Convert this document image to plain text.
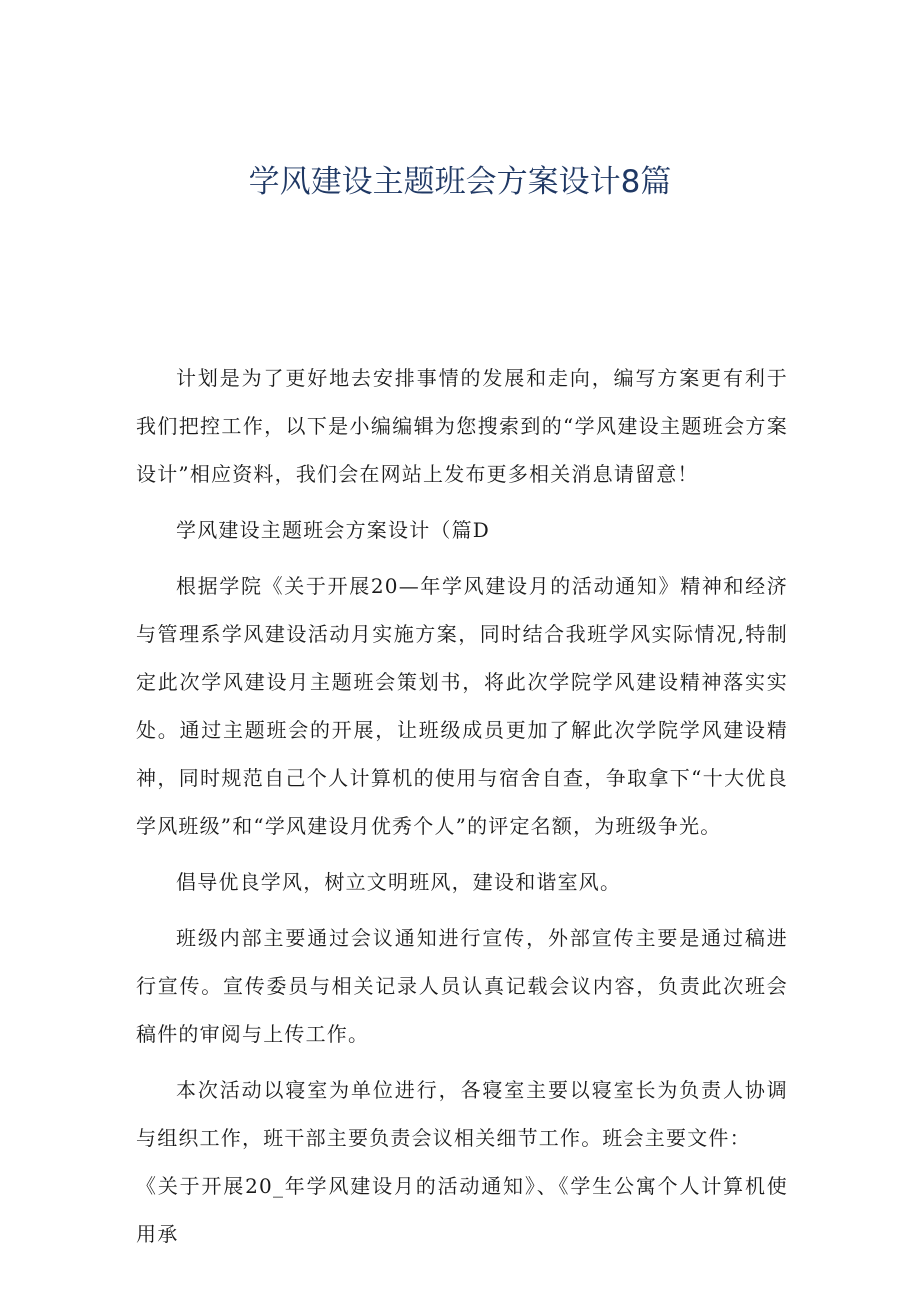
学风建设主题班会方案设计8篇

计划是为了更好地去安排事情的发展和走向，编写方案更有利于我们把控工作，以下是小编编辑为您搜索到的“学风建设主题班会方案设计”相应资料，我们会在网站上发布更多相关消息请留意！

学风建设主题班会方案设计（篇D

根据学院《关于开展20—年学风建设月的活动通知》精神和经济与管理系学风建设活动月实施方案，同时结合我班学风实际情况,特制定此次学风建设月主题班会策划书，将此次学院学风建设精神落实实处。通过主题班会的开展，让班级成员更加了解此次学院学风建设精神，同时规范自己个人计算机的使用与宿舍自查，争取拿下“十大优良学风班级”和“学风建设月优秀个人”的评定名额，为班级争光。

倡导优良学风，树立文明班风，建设和谐室风。

班级内部主要通过会议通知进行宣传，外部宣传主要是通过稿进行宣传。宣传委员与相关记录人员认真记载会议内容，负责此次班会稿件的审阅与上传工作。

本次活动以寝室为单位进行，各寝室主要以寝室长为负责人协调与组织工作，班干部主要负责会议相关细节工作。班会主要文件：

《关于开展20_年学风建设月的活动通知》、《学生公寓个人计算机使用承
